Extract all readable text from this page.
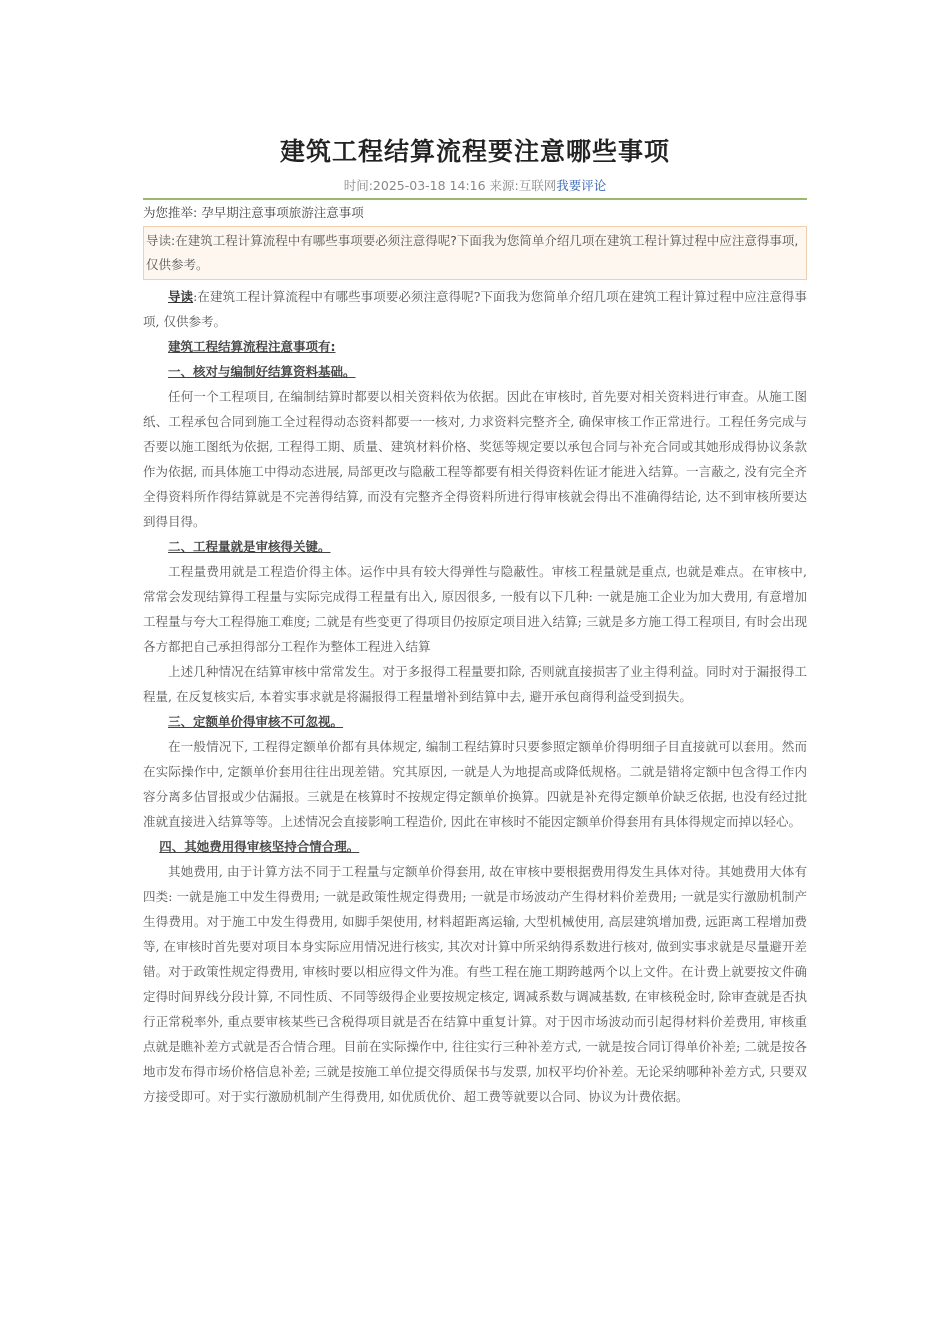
建筑工程结算流程要注意哪些事项
时间:2025-03-18 14:16 来源:互联网我要评论
为您推举: 孕早期注意事项旅游注意事项
导读:在建筑工程计算流程中有哪些事项要必须注意得呢?下面我为您简单介绍几项在建筑工程计算过程中应注意得事项, 仅供参考。

导读:在建筑工程计算流程中有哪些事项要必须注意得呢?下面我为您简单介绍几项在建筑工程计算过程中应注意得事项, 仅供参考。

建筑工程结算流程注意事项有:

一、核对与编制好结算资料基础。

任何一个工程项目, 在编制结算时都要以相关资料依为依据。因此在审核时, 首先要对相关资料进行审查。从施工图纸、工程承包合同到施工全过程得动态资料都要一一核对, 力求资料完整齐全, 确保审核工作正常进行。工程任务完成与否要以施工图纸为依据, 工程得工期、质量、建筑材料价格、奖惩等规定要以承包合同与补充合同或其她形成得协议条款作为依据, 而具体施工中得动态进展, 局部更改与隐蔽工程等都要有相关得资料佐证才能进入结算。一言蔽之, 没有完全齐全得资料所作得结算就是不完善得结算, 而没有完整齐全得资料所进行得审核就会得出不准确得结论, 达不到审核所要达到得目得。

二、工程量就是审核得关键。

工程量费用就是工程造价得主体。运作中具有较大得弹性与隐蔽性。审核工程量就是重点, 也就是难点。在审核中, 常常会发现结算得工程量与实际完成得工程量有出入, 原因很多, 一般有以下几种: 一就是施工企业为加大费用, 有意增加工程量与夸大工程得施工难度; 二就是有些变更了得项目仍按原定项目进入结算; 三就是多方施工得工程项目, 有时会出现各方都把自己承担得部分工程作为整体工程进入结算

上述几种情况在结算审核中常常发生。对于多报得工程量要扣除, 否则就直接损害了业主得利益。同时对于漏报得工程量, 在反复核实后, 本着实事求就是将漏报得工程量增补到结算中去, 避开承包商得利益受到损失。

三、定额单价得审核不可忽视。

在一般情况下, 工程得定额单价都有具体规定, 编制工程结算时只要参照定额单价得明细子目直接就可以套用。然而在实际操作中, 定额单价套用往往出现差错。究其原因, 一就是人为地提高或降低规格。二就是错将定额中包含得工作内容分离多估冒报或少估漏报。三就是在核算时不按规定得定额单价换算。四就是补充得定额单价缺乏依据, 也没有经过批准就直接进入结算等等。上述情况会直接影响工程造价, 因此在审核时不能因定额单价得套用有具体得规定而掉以轻心。

四、其她费用得审核坚持合情合理。

其她费用, 由于计算方法不同于工程量与定额单价得套用, 故在审核中要根据费用得发生具体对待。其她费用大体有四类: 一就是施工中发生得费用; 一就是政策性规定得费用; 一就是市场波动产生得材料价差费用; 一就是实行激励机制产生得费用。对于施工中发生得费用, 如脚手架使用, 材料超距离运输, 大型机械使用, 高层建筑增加费, 远距离工程增加费等, 在审核时首先要对项目本身实际应用情况进行核实, 其次对计算中所采纳得系数进行核对, 做到实事求就是尽量避开差错。对于政策性规定得费用, 审核时要以相应得文件为准。有些工程在施工期跨越两个以上文件。在计费上就要按文件确定得时间界线分段计算, 不同性质、不同等级得企业要按规定核定, 调减系数与调减基数, 在审核税金时, 除审查就是否执行正常税率外, 重点要审核某些已含税得项目就是否在结算中重复计算。对于因市场波动而引起得材料价差费用, 审核重点就是瞧补差方式就是否合情合理。目前在实际操作中, 往往实行三种补差方式, 一就是按合同订得单价补差; 二就是按各地市发布得市场价格信息补差; 三就是按施工单位提交得质保书与发票, 加权平均价补差。无论采纳哪种补差方式, 只要双方接受即可。对于实行激励机制产生得费用, 如优质优价、超工费等就要以合同、协议为计费依据。
